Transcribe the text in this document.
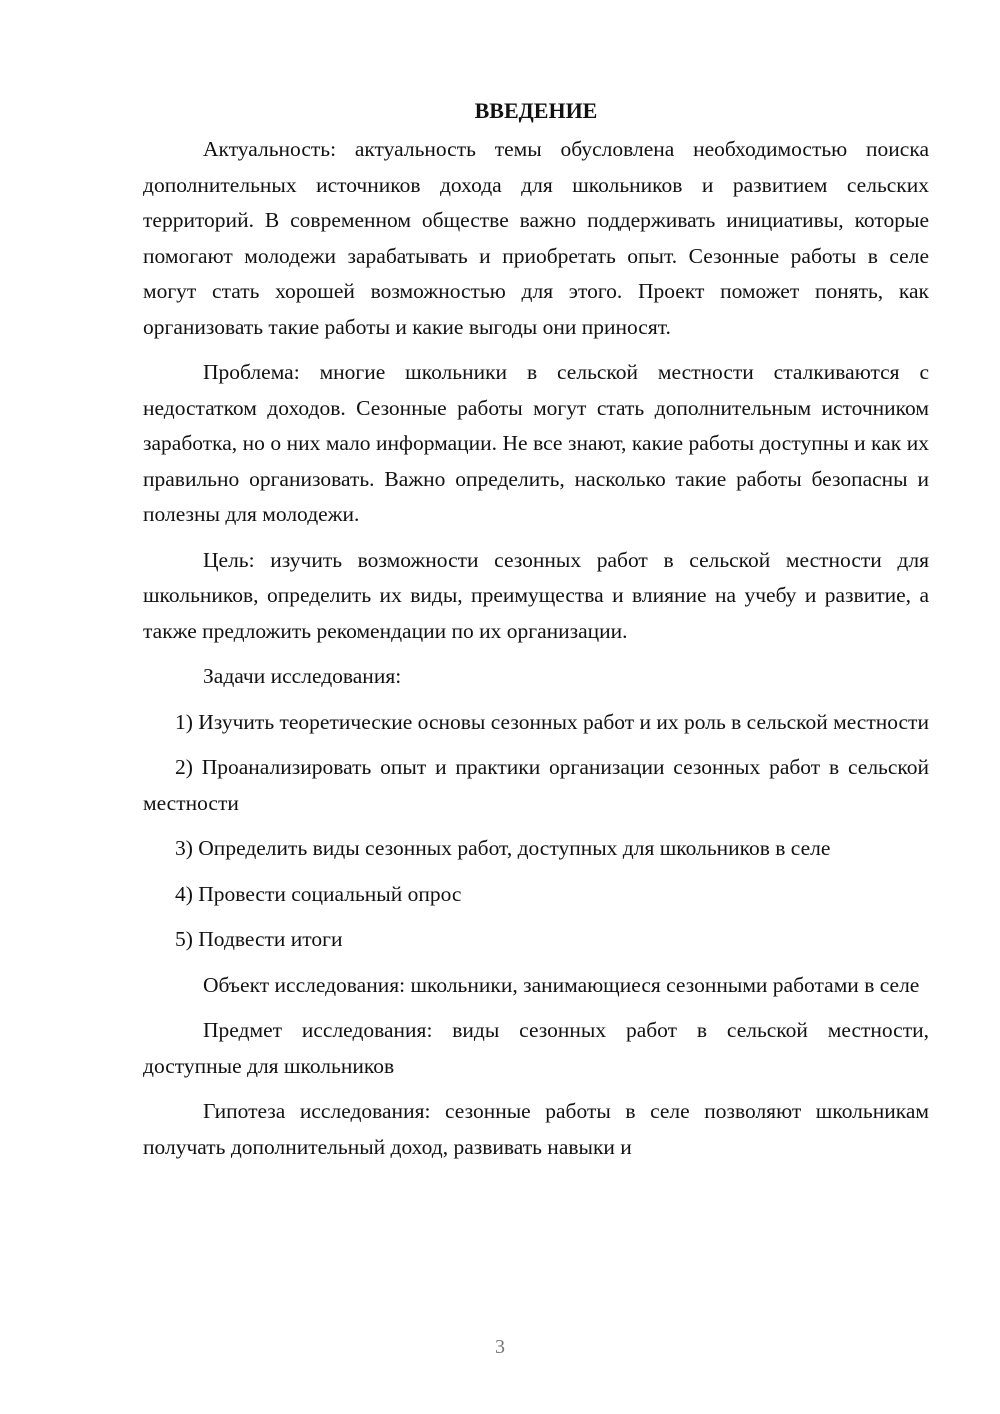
ВВЕДЕНИЕ

Актуальность: актуальность темы обусловлена необходимостью поиска дополнительных источников дохода для школьников и развитием сельских территорий. В современном обществе важно поддерживать инициативы, которые помогают молодежи зарабатывать и приобретать опыт. Сезонные работы в селе могут стать хорошей возможностью для этого. Проект поможет понять, как организовать такие работы и какие выгоды они приносят.

Проблема: многие школьники в сельской местности сталкиваются с недостатком доходов. Сезонные работы могут стать дополнительным источником заработка, но о них мало информации. Не все знают, какие работы доступны и как их правильно организовать. Важно определить, насколько такие работы безопасны и полезны для молодежи.

Цель: изучить возможности сезонных работ в сельской местности для школьников, определить их виды, преимущества и влияние на учебу и развитие, а также предложить рекомендации по их организации.

Задачи исследования:

1) Изучить теоретические основы сезонных работ и их роль в сельской местности

2) Проанализировать опыт и практики организации сезонных работ в сельской местности

3) Определить виды сезонных работ, доступных для школьников в селе

4) Провести социальный опрос

5) Подвести итоги

Объект исследования: школьники, занимающиеся сезонными работами в селе

Предмет исследования: виды сезонных работ в сельской местности, доступные для школьников

Гипотеза исследования: сезонные работы в селе позволяют школьникам получать дополнительный доход, развивать навыки и

3
